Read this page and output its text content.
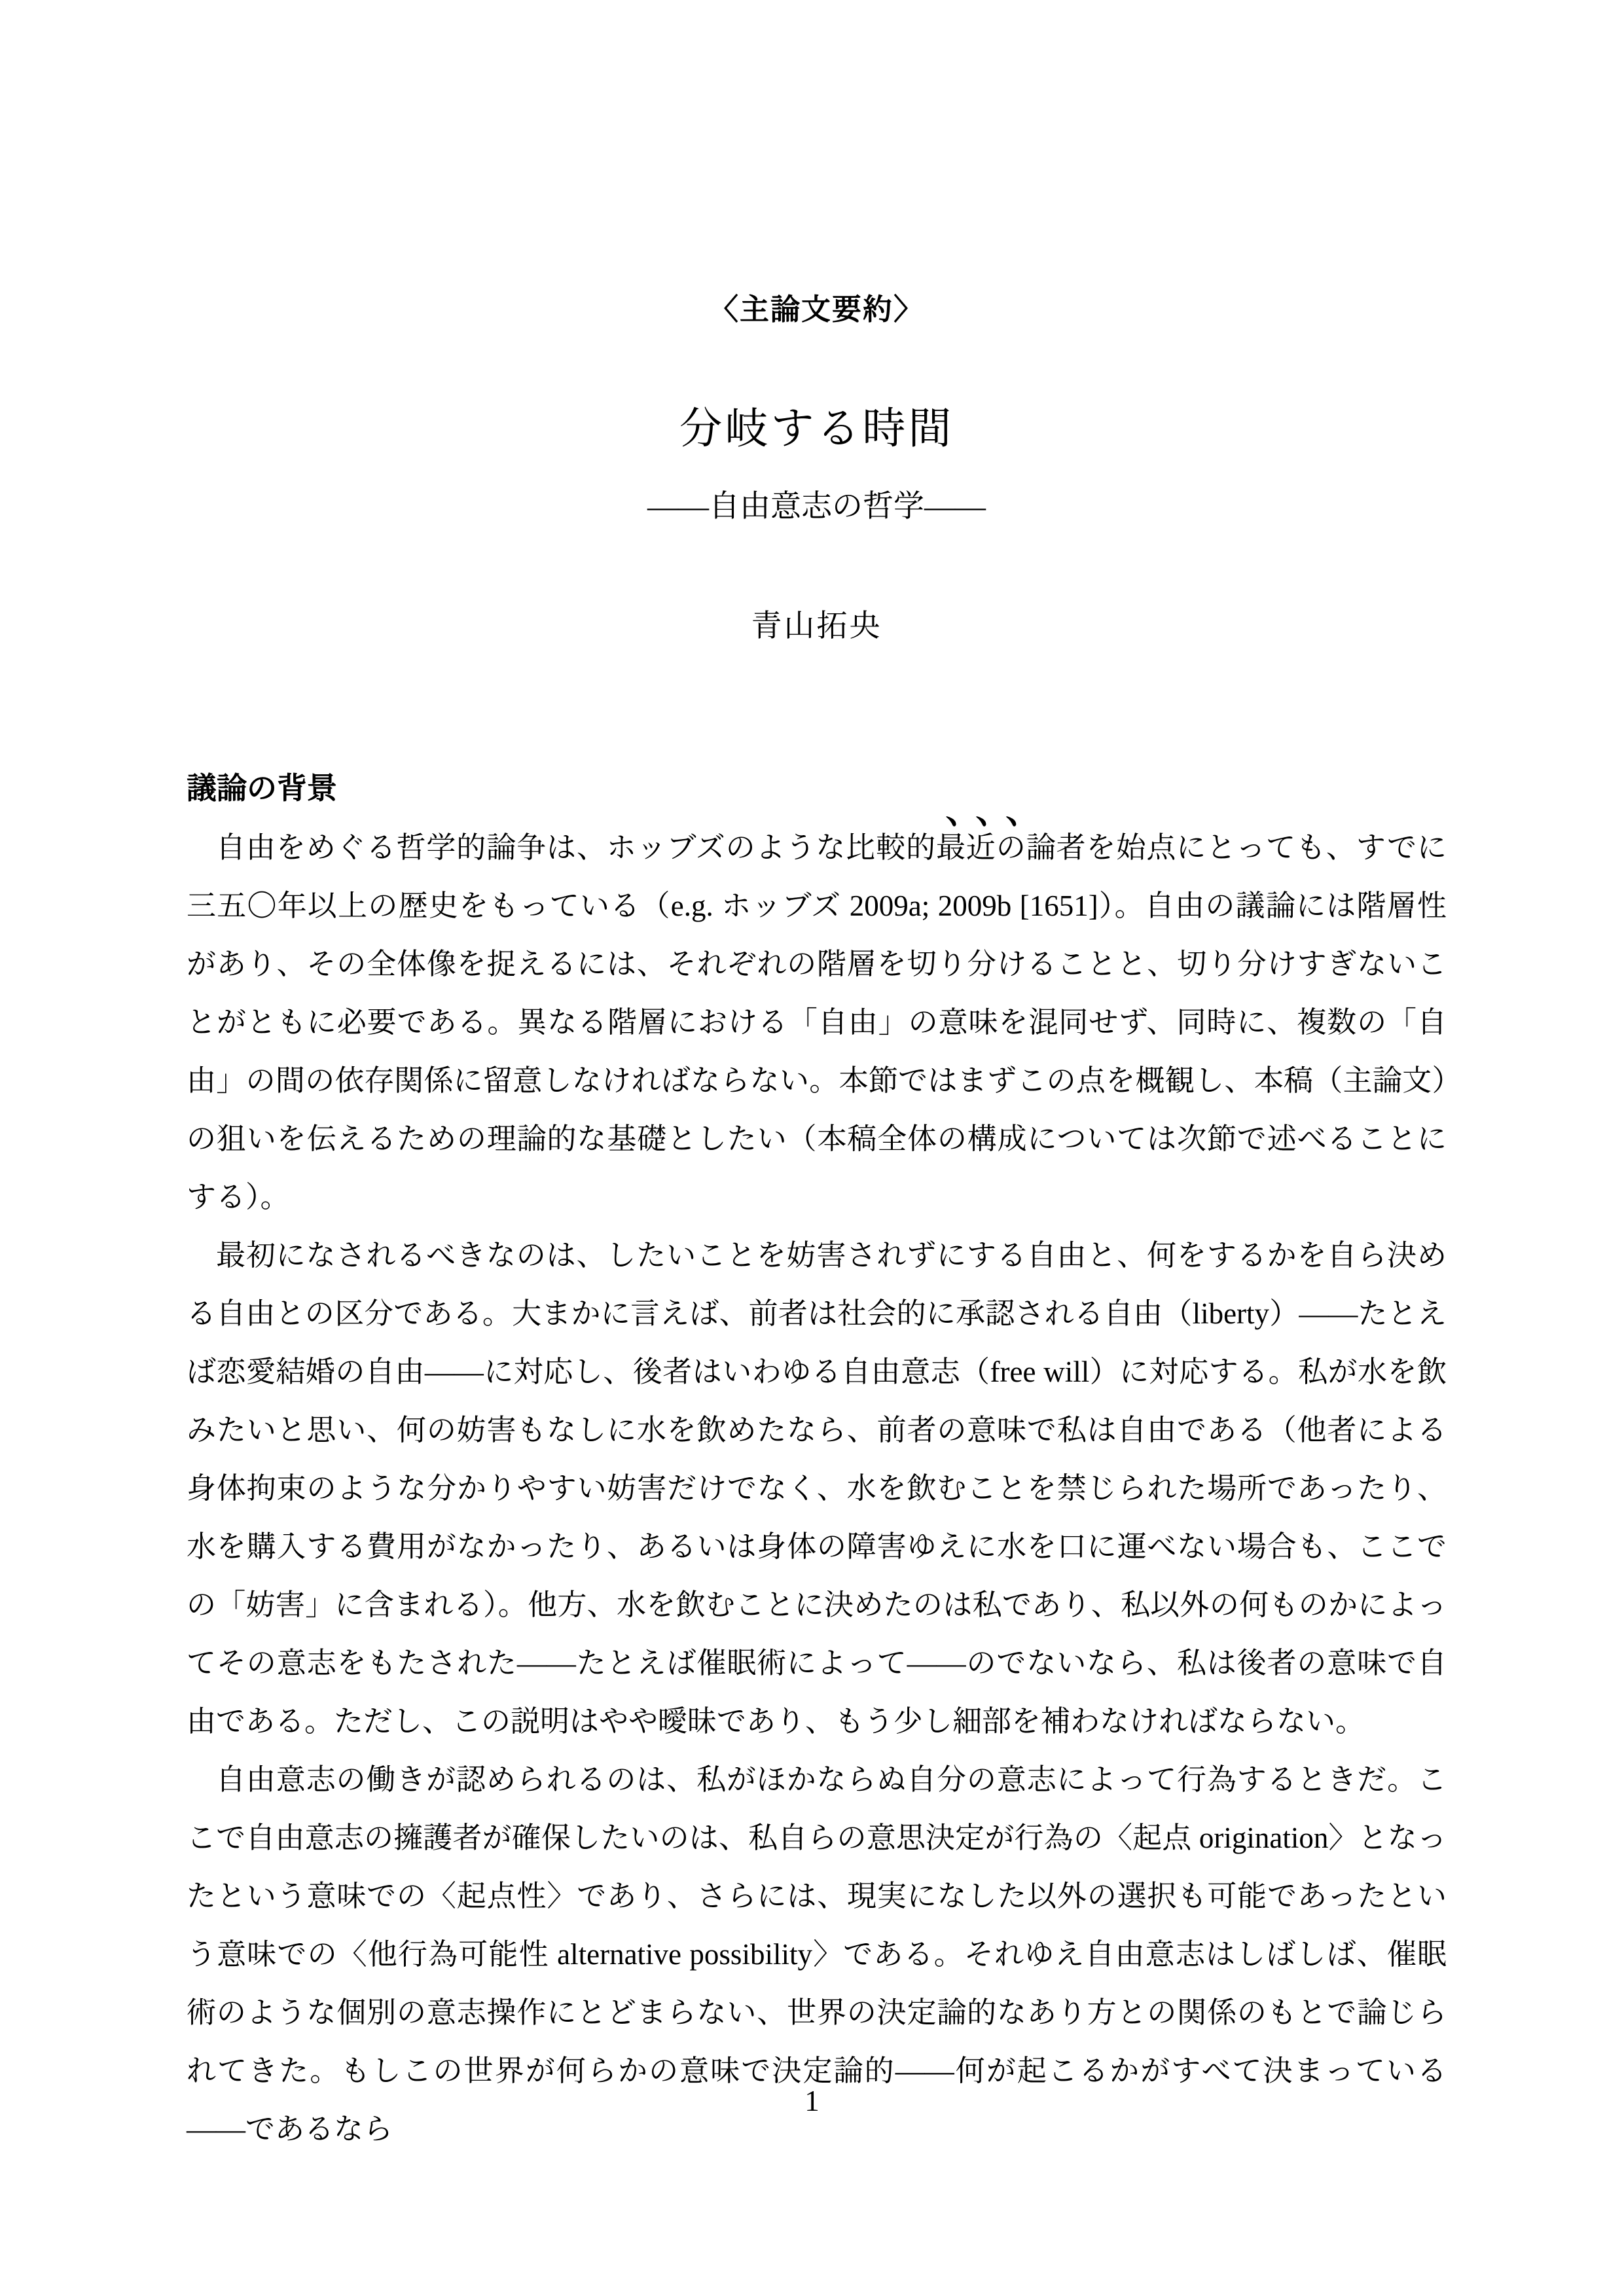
〈主論文要約〉
分岐する時間
――自由意志の哲学――
青山拓央
議論の背景

自由をめぐる哲学的論争は、ホッブズのような比較的最近の論者を始点にとっても、すでに三五〇年以上の歴史をもっている（e.g. ホッブズ 2009a; 2009b [1651]）。自由の議論には階層性があり、その全体像を捉えるには、それぞれの階層を切り分けることと、切り分けすぎないことがともに必要である。異なる階層における「自由」の意味を混同せず、同時に、複数の「自由」の間の依存関係に留意しなければならない。本節ではまずこの点を概観し、本稿（主論文）の狙いを伝えるための理論的な基礎としたい（本稿全体の構成については次節で述べることにする）。

最初になされるべきなのは、したいことを妨害されずにする自由と、何をするかを自ら決める自由との区分である。大まかに言えば、前者は社会的に承認される自由（liberty）――たとえば恋愛結婚の自由――に対応し、後者はいわゆる自由意志（free will）に対応する。私が水を飲みたいと思い、何の妨害もなしに水を飲めたなら、前者の意味で私は自由である（他者による身体拘束のような分かりやすい妨害だけでなく、水を飲むことを禁じられた場所であったり、水を購入する費用がなかったり、あるいは身体の障害ゆえに水を口に運べない場合も、ここでの「妨害」に含まれる）。他方、水を飲むことに決めたのは私であり、私以外の何ものかによってその意志をもたされた――たとえば催眠術によって――のでないなら、私は後者の意味で自由である。ただし、この説明はやや曖昧であり、もう少し細部を補わなければならない。

自由意志の働きが認められるのは、私がほかならぬ自分の意志によって行為するときだ。ここで自由意志の擁護者が確保したいのは、私自らの意思決定が行為の〈起点 origination〉となったという意味での〈起点性〉であり、さらには、現実になした以外の選択も可能であったという意味での〈他行為可能性 alternative possibility〉である。それゆえ自由意志はしばしば、催眠術のような個別の意志操作にとどまらない、世界の決定論的なあり方との関係のもとで論じられてきた。もしこの世界が何らかの意味で決定論的――何が起こるかがすべて決まっている――であるなら

1
